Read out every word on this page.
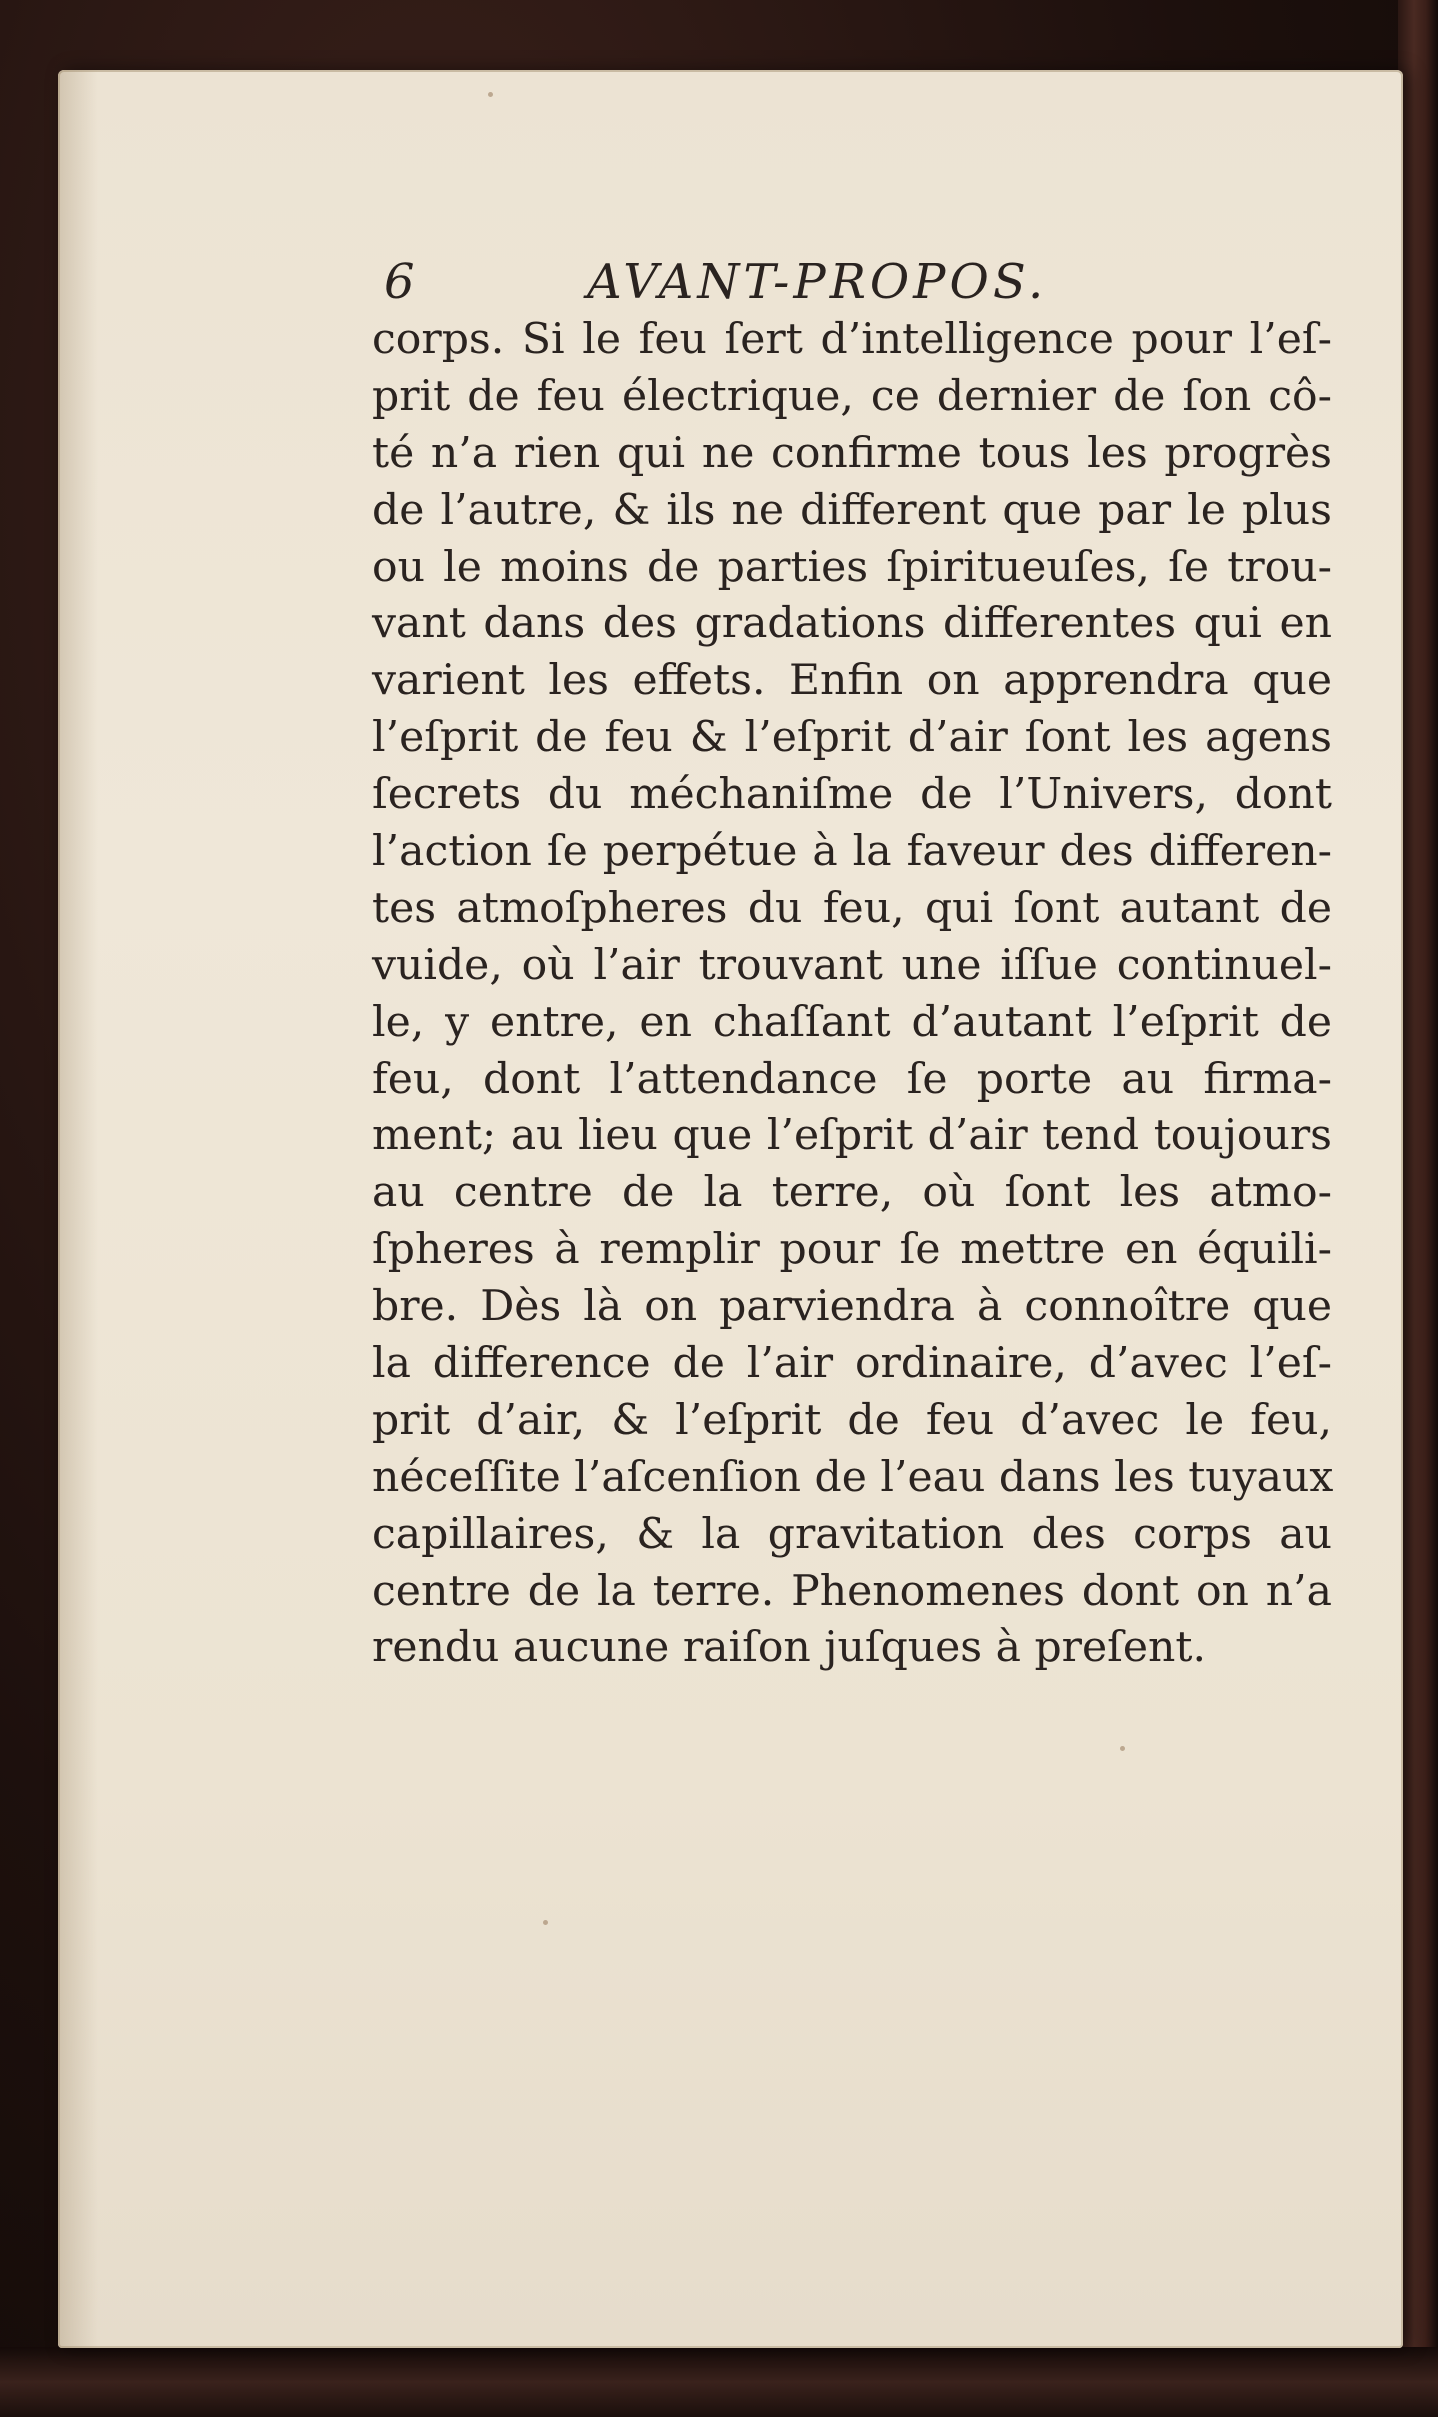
6	AVANT-PROPOS.
corps. Si le feu ſert d’intelligence pour l’eſ-
prit de feu électrique, ce dernier de ſon cô-
té n’a rien qui ne confirme tous les progrès
de l’autre, & ils ne different que par le plus
ou le moins de parties ſpiritueuſes, ſe trou-
vant dans des gradations differentes qui en
varient les effets. Enfin on apprendra que
l’eſprit de feu & l’eſprit d’air ſont les agens
ſecrets du méchaniſme de l’Univers, dont
l’action ſe perpétue à la faveur des differen-
tes atmoſpheres du feu, qui ſont autant de
vuide, où l’air trouvant une iſſue continuel-
le, y entre, en chaſſant d’autant l’eſprit de
feu, dont l’attendance ſe porte au firma-
ment; au lieu que l’eſprit d’air tend toujours
au centre de la terre, où ſont les atmo-
ſpheres à remplir pour ſe mettre en équili-
bre. Dès là on parviendra à connoître que
la difference de l’air ordinaire, d’avec l’eſ-
prit d’air, & l’eſprit de feu d’avec le feu,
néceſſite l’aſcenſion de l’eau dans les tuyaux
capillaires, & la gravitation des corps au
centre de la terre. Phenomenes dont on n’a
rendu aucune raiſon juſques à preſent.
